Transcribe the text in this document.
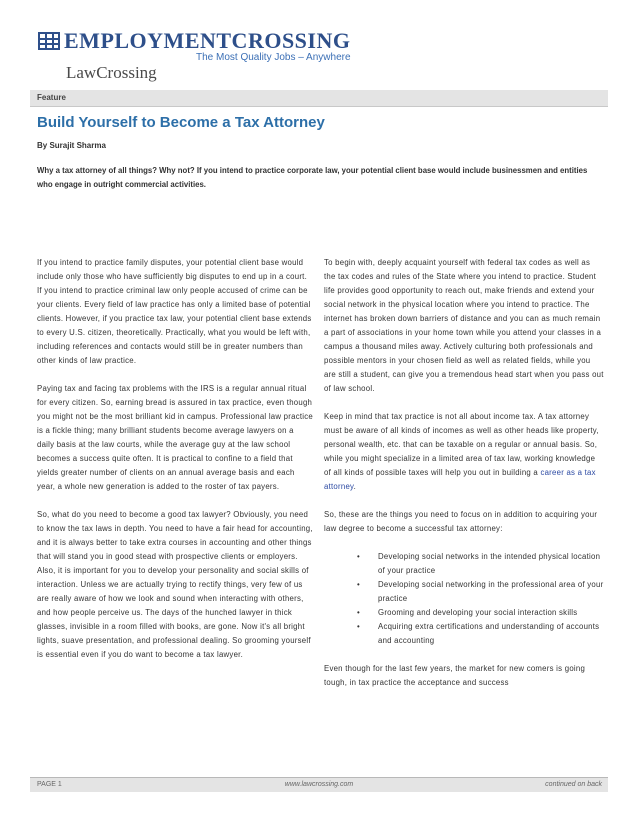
EMPLOYMENTCROSSING
The Most Quality Jobs – Anywhere
LawCrossing
Feature
Build Yourself to Become a Tax Attorney
By Surajit Sharma

Why a tax attorney of all things? Why not? If you intend to practice corporate law, your potential client base would include businessmen and entities who engage in outright commercial activities.

If you intend to practice family disputes, your potential client base would include only those who have sufficiently big disputes to end up in a court. If you intend to practice criminal law only people accused of crime can be your clients. Every field of law practice has only a limited base of potential clients. However, if you practice tax law, your potential client base extends to every U.S. citizen, theoretically. Practically, what you would be left with, including references and contacts would still be in greater numbers than other kinds of law practice.

Paying tax and facing tax problems with the IRS is a regular annual ritual for every citizen. So, earning bread is assured in tax practice, even though you might not be the most brilliant kid in campus. Professional law practice is a fickle thing; many brilliant students become average lawyers on a daily basis at the law courts, while the average guy at the law school becomes a success quite often. It is practical to confine to a field that yields greater number of clients on an annual average basis and each year, a whole new generation is added to the roster of tax payers.

So, what do you need to become a good tax lawyer? Obviously, you need to know the tax laws in depth. You need to have a fair head for accounting, and it is always better to take extra courses in accounting and other things that will stand you in good stead with prospective clients or employers. Also, it is important for you to develop your personality and social skills of interaction. Unless we are actually trying to rectify things, very few of us are really aware of how we look and sound when interacting with others, and how people perceive us. The days of the hunched lawyer in thick glasses, invisible in a room filled with books, are gone. Now it's all bright lights, suave presentation, and professional dealing. So grooming yourself is essential even if you do want to become a tax lawyer.

To begin with, deeply acquaint yourself with federal tax codes as well as the tax codes and rules of the State where you intend to practice. Student life provides good opportunity to reach out, make friends and extend your social network in the physical location where you intend to practice. The internet has broken down barriers of distance and you can as much remain a part of associations in your home town while you attend your classes in a campus a thousand miles away. Actively culturing both professionals and possible mentors in your chosen field as well as related fields, while you are still a student, can give you a tremendous head start when you pass out of law school.

Keep in mind that tax practice is not all about income tax. A tax attorney must be aware of all kinds of incomes as well as other heads like property, personal wealth, etc. that can be taxable on a regular or annual basis. So, while you might specialize in a limited area of tax law, working knowledge of all kinds of possible taxes will help you out in building a career as a tax attorney.

So, these are the things you need to focus on in addition to acquiring your law degree to become a successful tax attorney:

• Developing social networks in the intended physical location of your practice
• Developing social networking in the professional area of your practice
• Grooming and developing your social interaction skills
• Acquiring extra certifications and understanding of accounts and accounting

Even though for the last few years, the market for new comers is going tough, in tax practice the acceptance and success

PAGE 1	www.lawcrossing.com	continued on back
